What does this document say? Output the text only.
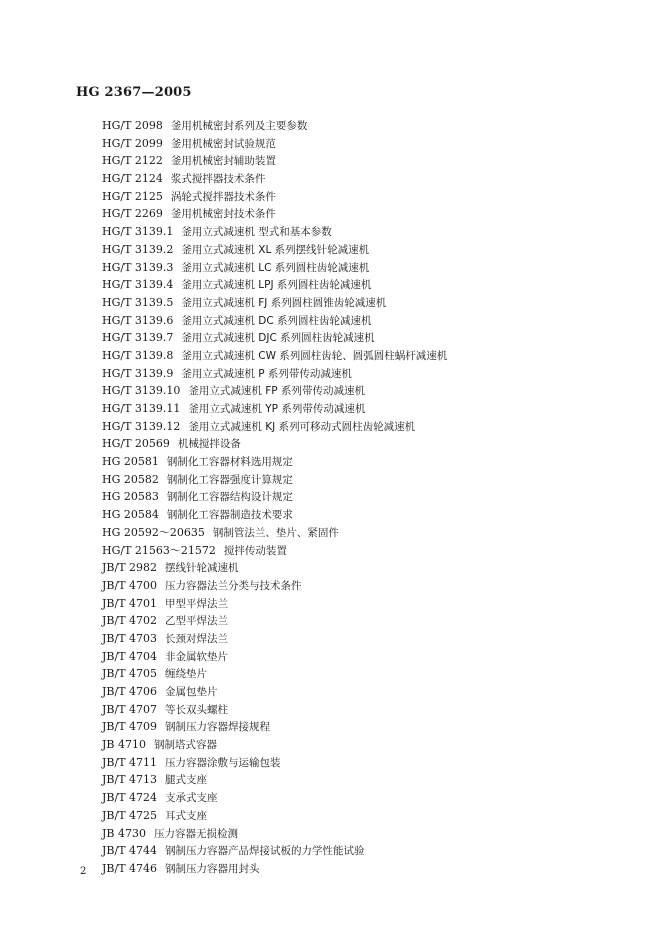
HG 2367—2005
HG/T 2098 釜用机械密封系列及主要参数
HG/T 2099 釜用机械密封试验规范
HG/T 2122 釜用机械密封辅助装置
HG/T 2124 浆式搅拌器技术条件
HG/T 2125 涡轮式搅拌器技术条件
HG/T 2269 釜用机械密封技术条件
HG/T 3139.1 釜用立式减速机 型式和基本参数
HG/T 3139.2 釜用立式减速机 XL 系列摆线针轮减速机
HG/T 3139.3 釜用立式减速机 LC 系列圆柱齿轮减速机
HG/T 3139.4 釜用立式减速机 LPJ 系列圆柱齿轮减速机
HG/T 3139.5 釜用立式减速机 FJ 系列圆柱圆锥齿轮减速机
HG/T 3139.6 釜用立式减速机 DC 系列圆柱齿轮减速机
HG/T 3139.7 釜用立式减速机 DJC 系列圆柱齿轮减速机
HG/T 3139.8 釜用立式减速机 CW 系列圆柱齿轮、圆弧圆柱蜗杆减速机
HG/T 3139.9 釜用立式减速机 P 系列带传动减速机
HG/T 3139.10 釜用立式减速机 FP 系列带传动减速机
HG/T 3139.11 釜用立式减速机 YP 系列带传动减速机
HG/T 3139.12 釜用立式减速机 KJ 系列可移动式圆柱齿轮减速机
HG/T 20569 机械搅拌设备
HG 20581 钢制化工容器材料选用规定
HG 20582 钢制化工容器强度计算规定
HG 20583 钢制化工容器结构设计规定
HG 20584 钢制化工容器制造技术要求
HG 20592～20635 钢制管法兰、垫片、紧固件
HG/T 21563～21572 搅拌传动装置
JB/T 2982 摆线针轮减速机
JB/T 4700 压力容器法兰分类与技术条件
JB/T 4701 甲型平焊法兰
JB/T 4702 乙型平焊法兰
JB/T 4703 长颈对焊法兰
JB/T 4704 非金属软垫片
JB/T 4705 缠绕垫片
JB/T 4706 金属包垫片
JB/T 4707 等长双头螺柱
JB/T 4709 钢制压力容器焊接规程
JB 4710 钢制塔式容器
JB/T 4711 压力容器涂敷与运输包装
JB/T 4713 腿式支座
JB/T 4724 支承式支座
JB/T 4725 耳式支座
JB 4730 压力容器无损检测
JB/T 4744 钢制压力容器产品焊接试板的力学性能试验
JB/T 4746 钢制压力容器用封头
2
